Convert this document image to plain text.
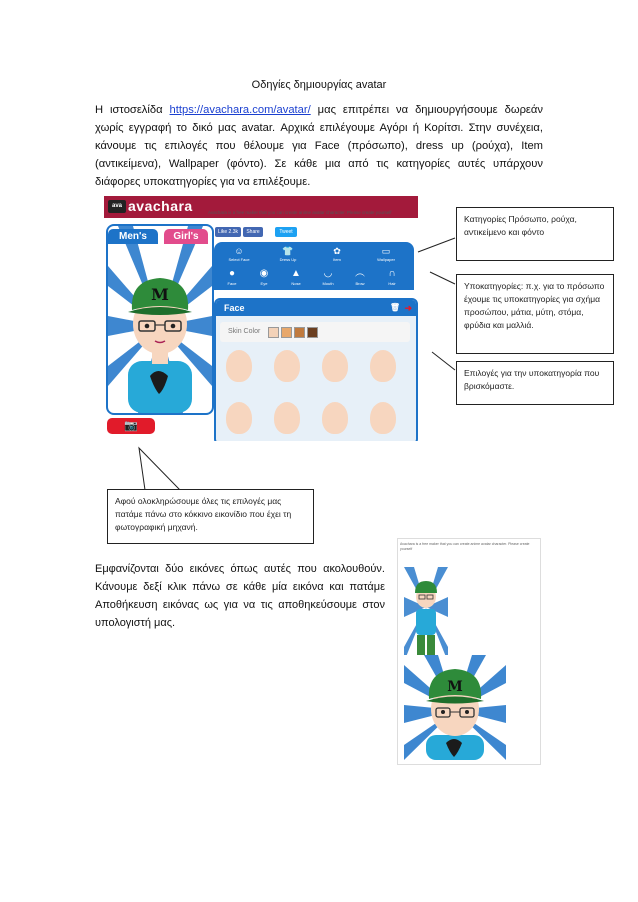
Οδηγίες δημιουργίας avatar
Η ιστοσελίδα https://avachara.com/avatar/ μας επιτρέπει να δημιουργήσουμε δωρεάν χωρίς εγγραφή το δικό μας avatar. Αρχικά επιλέγουμε Αγόρι ή Κορίτσι. Στην συνέχεια, κάνουμε τις επιλογές που θέλουμε για Face (πρόσωπο), dress up (ρούχα), Item (αντικείμενα), Wallpaper (φόντο). Σε κάθε μια από τις κατηγορίες αυτές υπάρχουν διάφορες υποκατηγορίες για να επιλέξουμε.
ava avachara	Avachara is a free maker that you can create anime avatar character. Please create yourself
M
Men's	Girl's
📷
Like 2.3k	Share	Tweet
☺
Select Face
👕
Dress Up
✿
Item
▭
Wallpaper
●
Face
◉
Eye
▲
Nose
◡
Mouth
︵
Brow
∩
Hair
Face	🗑 ➜
Skin Color
Κατηγορίες Πρόσωπο, ρούχα, αντικείμενο και φόντο
Υποκατηγορίες: π.χ. για το πρόσωπο έχουμε τις υποκατηγορίες για σχήμα προσώπου, μάτια, μύτη, στόμα, φρύδια και μαλλιά.
Επιλογές για την υποκατηγορία που βρισκόμαστε.
Αφού ολοκληρώσουμε όλες τις επιλογές μας πατάμε πάνω στο κόκκινο εικονίδιο που έχει τη φωτογραφική μηχανή.
Εμφανίζονται δύο εικόνες όπως αυτές που ακολουθούν. Κάνουμε δεξί κλικ πάνω σε κάθε μία εικόνα και πατάμε Αποθήκευση εικόνας ως για να τις αποθηκεύσουμε στον υπολογιστή μας.
Avachara is a free maker that you can create anime avatar character. Please create yourself
M
